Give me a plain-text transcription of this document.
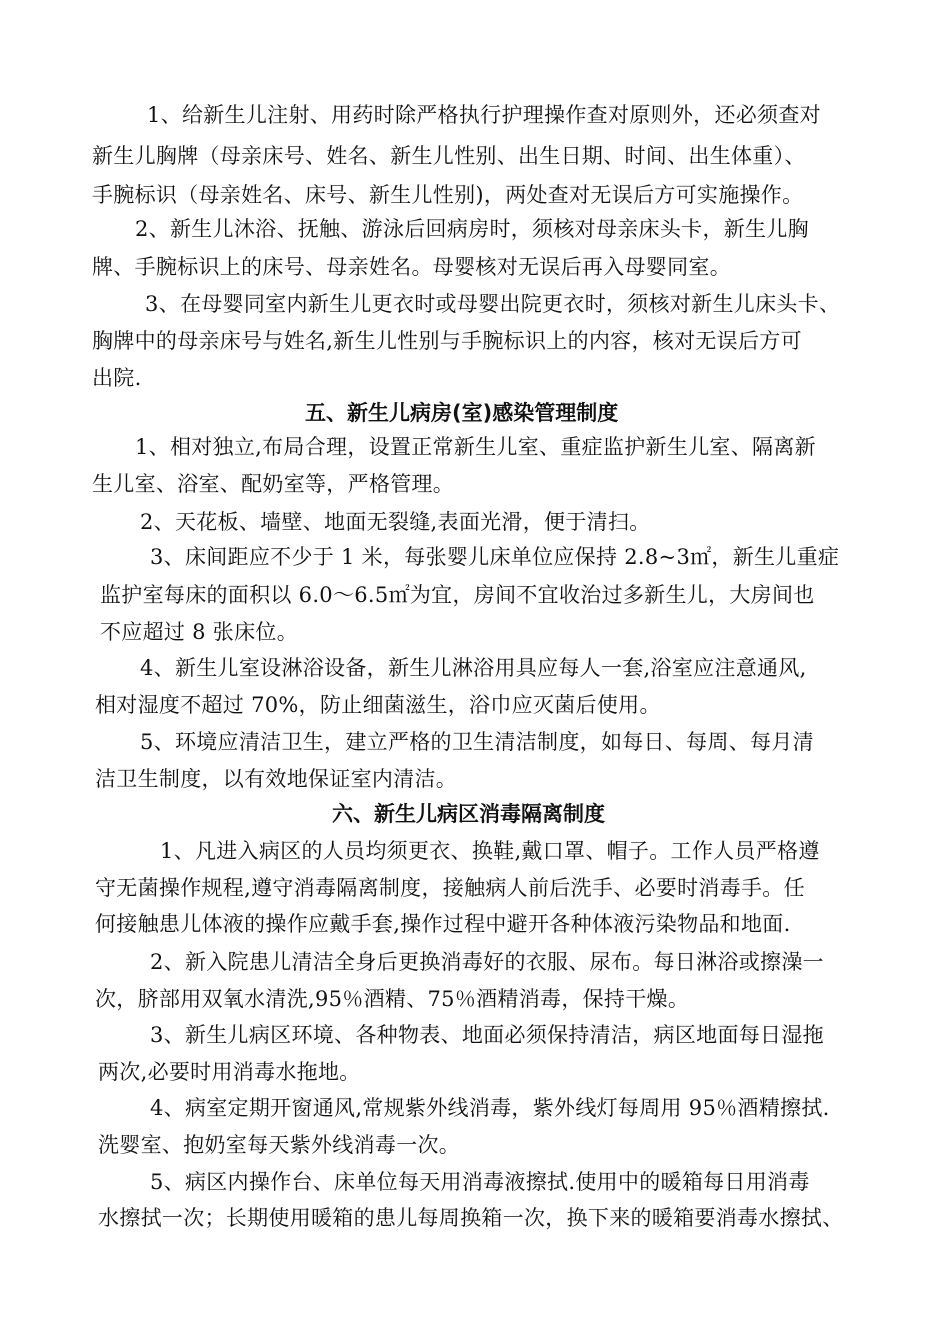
1、给新生儿注射、用药时除严格执行护理操作查对原则外，还必须查对
新生儿胸牌（母亲床号、姓名、新生儿性别、出生日期、时间、出生体重）、
手腕标识（母亲姓名、床号、新生儿性别)，两处查对无误后方可实施操作。
2、新生儿沐浴、抚触、游泳后回病房时，须核对母亲床头卡，新生儿胸
牌、手腕标识上的床号、母亲姓名。母婴核对无误后再入母婴同室。
3、在母婴同室内新生儿更衣时或母婴出院更衣时，须核对新生儿床头卡、
胸牌中的母亲床号与姓名,新生儿性别与手腕标识上的内容，核对无误后方可
出院.
五、新生儿病房(室)感染管理制度
1、相对独立,布局合理，设置正常新生儿室、重症监护新生儿室、隔离新
生儿室、浴室、配奶室等，严格管理。
2、天花板、墙壁、地面无裂缝,表面光滑，便于清扫。
3、床间距应不少于 1 米，每张婴儿床单位应保持 2.8~3㎡，新生儿重症
监护室每床的面积以 6.0～6.5㎡为宜，房间不宜收治过多新生儿，大房间也
不应超过 8 张床位。
4、新生儿室设淋浴设备，新生儿淋浴用具应每人一套,浴室应注意通风,
相对湿度不超过 70%，防止细菌滋生，浴巾应灭菌后使用。
5、环境应清洁卫生，建立严格的卫生清洁制度，如每日、每周、每月清
洁卫生制度，以有效地保证室内清洁。
六、新生儿病区消毒隔离制度
1、凡进入病区的人员均须更衣、换鞋,戴口罩、帽子。工作人员严格遵
守无菌操作规程,遵守消毒隔离制度，接触病人前后洗手、必要时消毒手。任
何接触患儿体液的操作应戴手套,操作过程中避开各种体液污染物品和地面.
2、新入院患儿清洁全身后更换消毒好的衣服、尿布。每日淋浴或擦澡一
次，脐部用双氧水清洗,95％酒精、75％酒精消毒，保持干燥。
3、新生儿病区环境、各种物表、地面必须保持清洁，病区地面每日湿拖
两次,必要时用消毒水拖地。
4、病室定期开窗通风,常规紫外线消毒，紫外线灯每周用 95％酒精擦拭.
洗婴室、抱奶室每天紫外线消毒一次。
5、病区内操作台、床单位每天用消毒液擦拭.使用中的暖箱每日用消毒
水擦拭一次；长期使用暖箱的患儿每周换箱一次，换下来的暖箱要消毒水擦拭、
